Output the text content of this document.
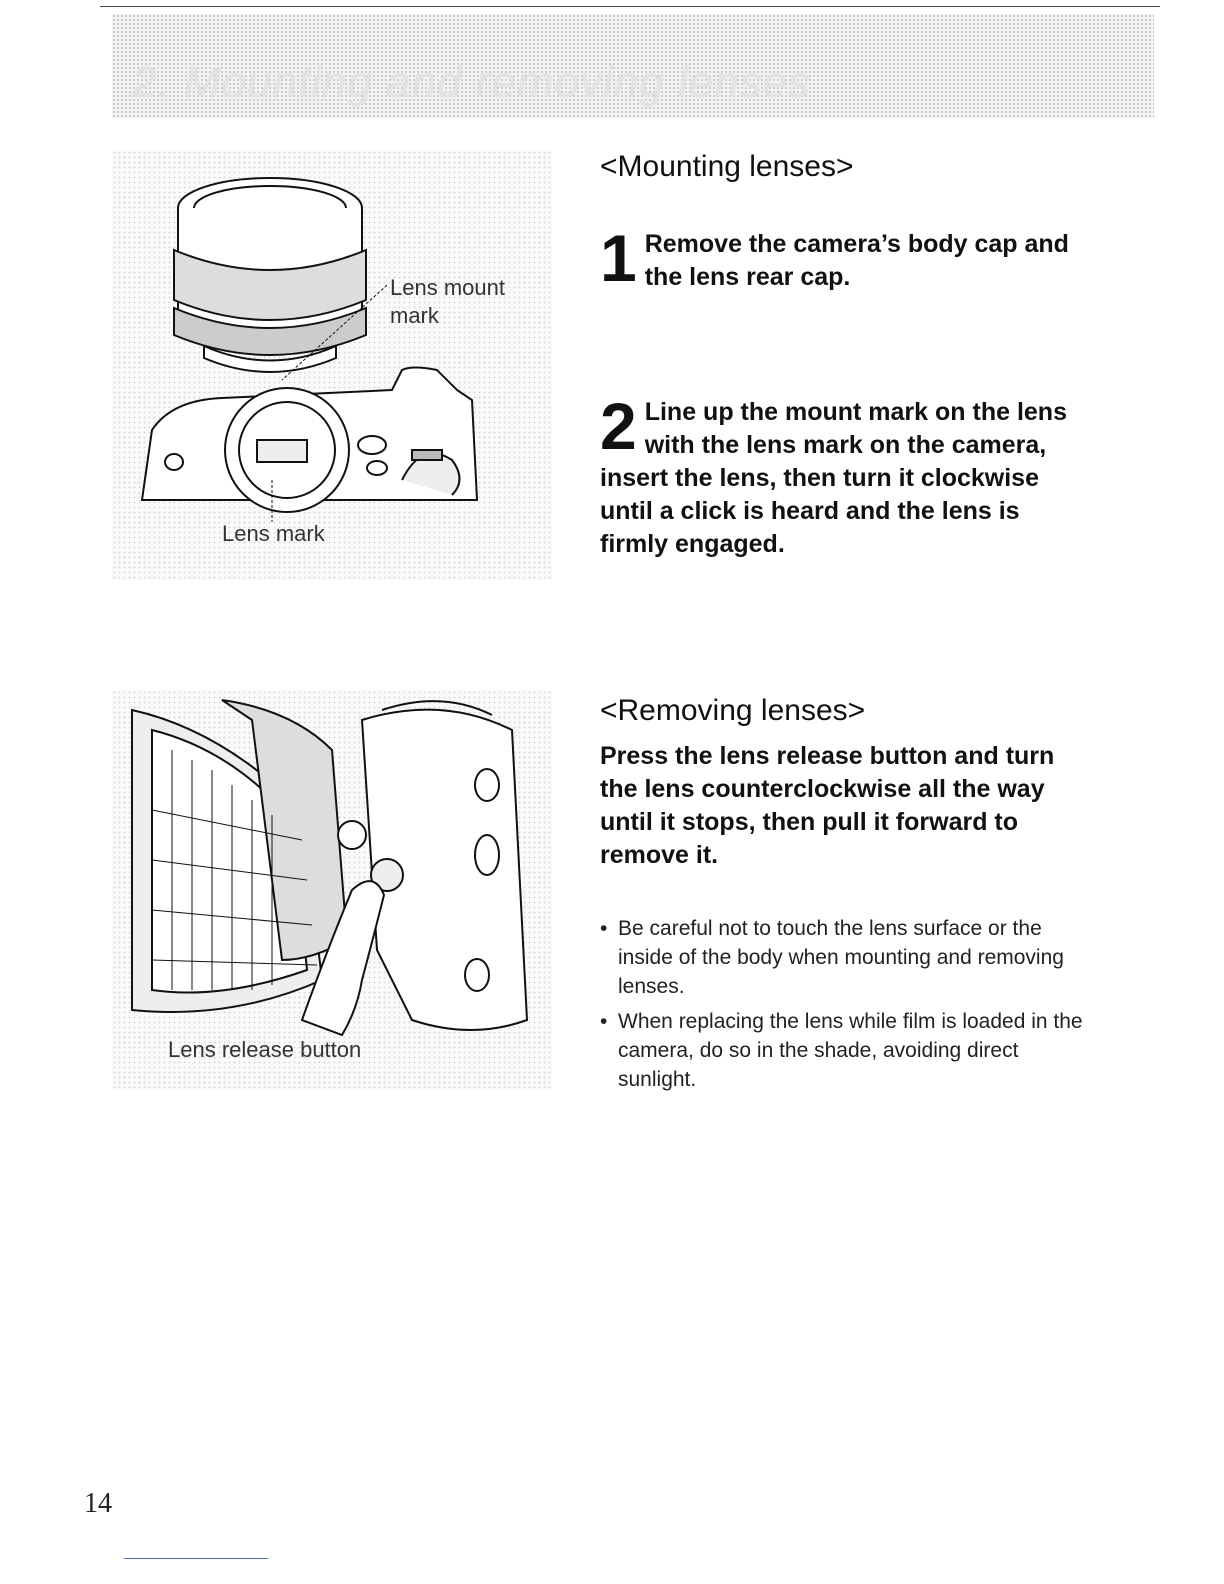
2. Mounting and removing lenses
Lens mount
mark
Lens mark
<Mounting lenses>
1 Remove the camera’s body cap and the lens rear cap.
2 Line up the mount mark on the lens with the lens mark on the camera, insert the lens, then turn it clockwise until a click is heard and the lens is firmly engaged.
Lens release button
<Removing lenses>
Press the lens release button and turn the lens counterclockwise all the way until it stops, then pull it forward to remove it.
• Be careful not to touch the lens surface or the inside of the body when mounting and removing lenses.
• When replacing the lens while film is loaded in the camera, do so in the shade, avoiding direct sunlight.
14
